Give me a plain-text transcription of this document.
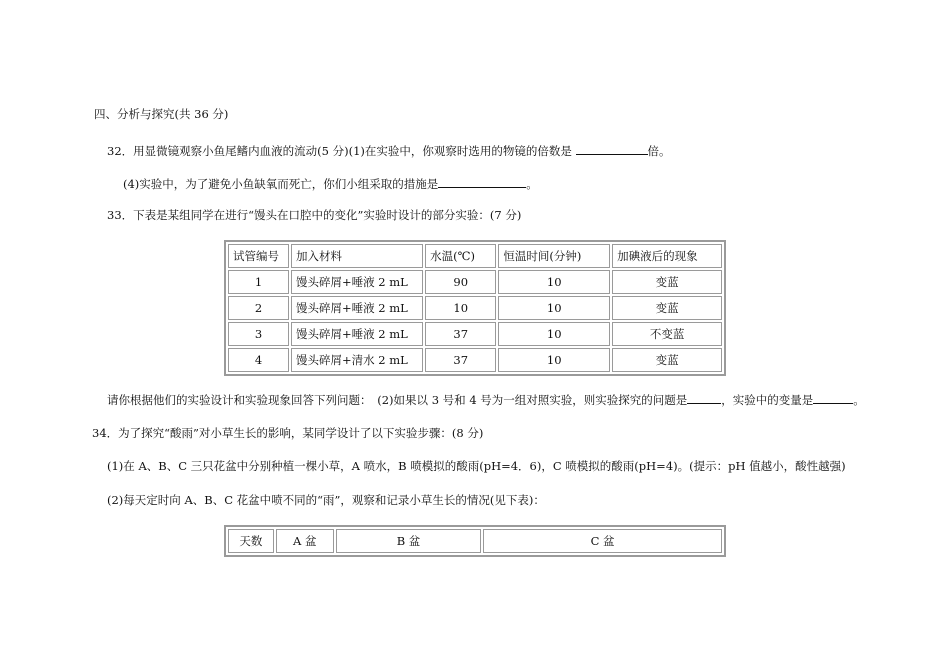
四、分析与探究(共 36 分)
32．用显微镜观察小鱼尾鳍内血液的流动(5 分)(1)在实验中，你观察时选用的物镜的倍数是	倍。
(4)实验中，为了避免小鱼缺氧而死亡，你们小组采取的措施是	。
33．下表是某组同学在进行“馒头在口腔中的变化”实验时设计的部分实验：(7 分)
试管编号	加入材料	水温(℃)	恒温时间(分钟)	加碘液后的现象
1	馒头碎屑+唾液 2 mL	90	10	变蓝
2	馒头碎屑+唾液 2 mL	10	10	变蓝
3	馒头碎屑+唾液 2 mL	37	10	不变蓝
4	馒头碎屑+清水 2 mL	37	10	变蓝
请你根据他们的实验设计和实验现象回答下列问题：　(2)如果以 3 号和 4 号为一组对照实验，则实验探究的问题是	，实验中的变量是	。
34．为了探究“酸雨”对小草生长的影响，某同学设计了以下实验步骤：(8 分)
(1)在 A、B、C 三只花盆中分别种植一棵小草，A 喷水，B 喷模拟的酸雨(pH=4．6)，C 喷模拟的酸雨(pH=4)。(提示：pH 值越小，酸性越强)
(2)每天定时向 A、B、C 花盆中喷不同的“雨”，观察和记录小草生长的情况(见下表)：
天数	A 盆	B 盆	C 盆
